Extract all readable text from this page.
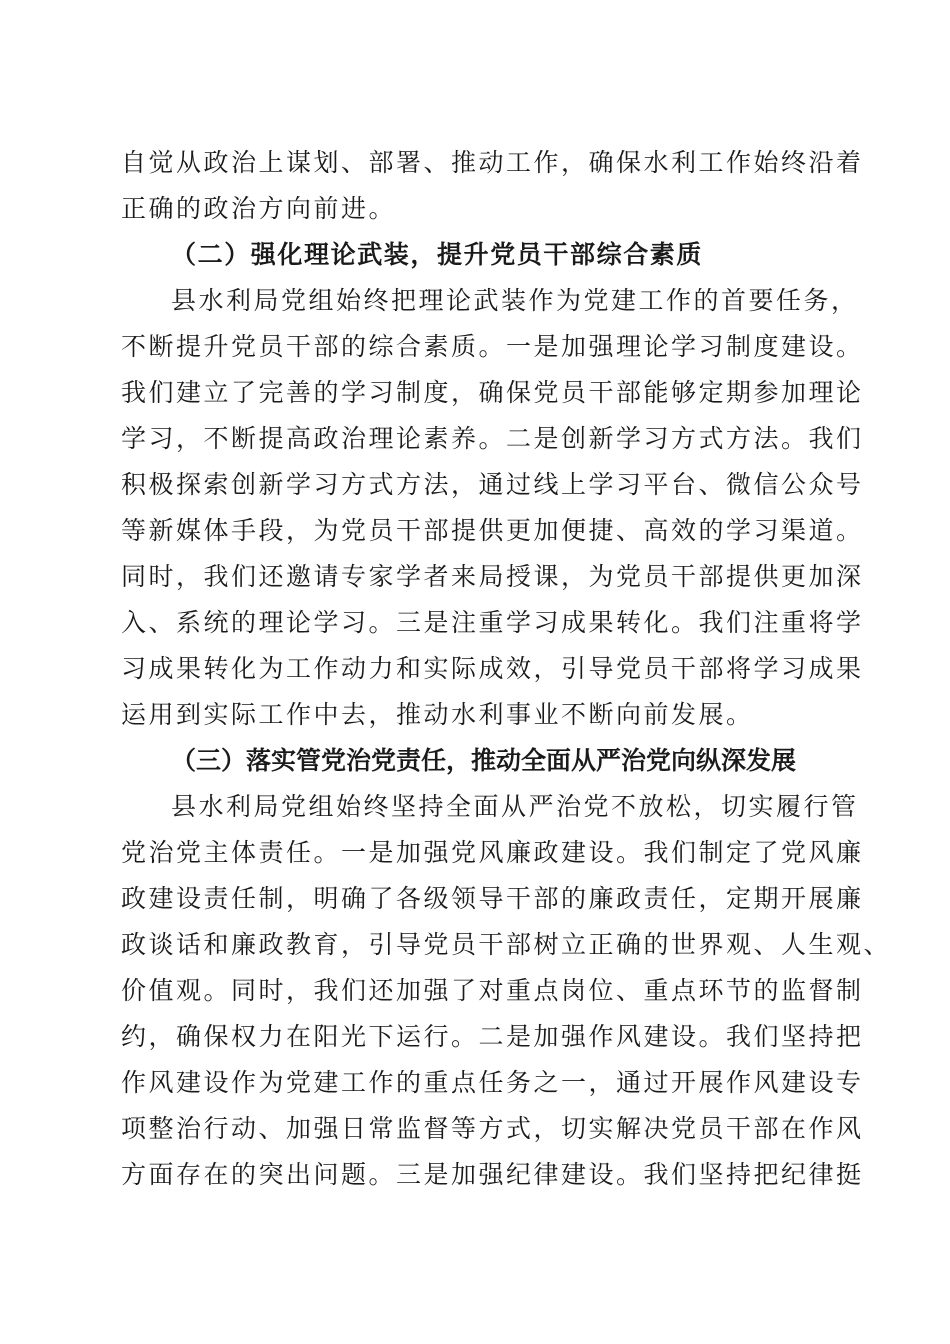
自觉从政治上谋划、部署、推动工作，确保水利工作始终沿着
正确的政治方向前进。
（二）强化理论武装，提升党员干部综合素质
县水利局党组始终把理论武装作为党建工作的首要任务，
不断提升党员干部的综合素质。一是加强理论学习制度建设。
我们建立了完善的学习制度，确保党员干部能够定期参加理论
学习，不断提高政治理论素养。二是创新学习方式方法。我们
积极探索创新学习方式方法，通过线上学习平台、微信公众号
等新媒体手段，为党员干部提供更加便捷、高效的学习渠道。
同时，我们还邀请专家学者来局授课，为党员干部提供更加深
入、系统的理论学习。三是注重学习成果转化。我们注重将学
习成果转化为工作动力和实际成效，引导党员干部将学习成果
运用到实际工作中去，推动水利事业不断向前发展。
（三）落实管党治党责任，推动全面从严治党向纵深发展
县水利局党组始终坚持全面从严治党不放松，切实履行管
党治党主体责任。一是加强党风廉政建设。我们制定了党风廉
政建设责任制，明确了各级领导干部的廉政责任，定期开展廉
政谈话和廉政教育，引导党员干部树立正确的世界观、人生观、
价值观。同时，我们还加强了对重点岗位、重点环节的监督制
约，确保权力在阳光下运行。二是加强作风建设。我们坚持把
作风建设作为党建工作的重点任务之一，通过开展作风建设专
项整治行动、加强日常监督等方式，切实解决党员干部在作风
方面存在的突出问题。三是加强纪律建设。我们坚持把纪律挺
